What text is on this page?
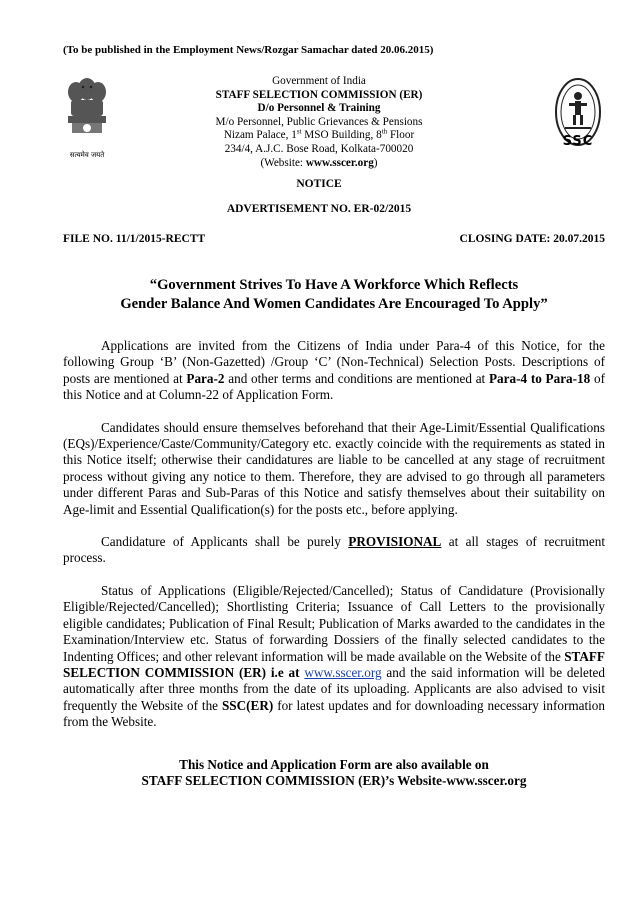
(To be published in the Employment News/Rozgar Samachar dated 20.06.2015)
सत्यमेव जयते
Government of India
STAFF SELECTION COMMISSION (ER)
D/o Personnel & Training
M/o Personnel, Public Grievances & Pensions
Nizam Palace, 1st MSO Building, 8th Floor
234/4, A.J.C. Bose Road, Kolkata-700020
(Website: www.sscer.org)
SSC
NOTICE
ADVERTISEMENT NO. ER-02/2015
FILE NO. 11/1/2015-RECTT	CLOSING DATE: 20.07.2015
“Government Strives To Have A Workforce Which Reflects
Gender Balance And Women Candidates Are Encouraged To Apply”

Applications are invited from the Citizens of India under Para-4 of this Notice, for the following Group ‘B’ (Non-Gazetted) /Group ‘C’ (Non-Technical) Selection Posts. Descriptions of posts are mentioned at Para-2 and other terms and conditions are mentioned at Para-4 to Para-18 of this Notice and at Column-22 of Application Form.

Candidates should ensure themselves beforehand that their Age-Limit/Essential Qualifications (EQs)/Experience/Caste/Community/Category etc. exactly coincide with the requirements as stated in this Notice itself; otherwise their candidatures are liable to be cancelled at any stage of recruitment process without giving any notice to them. Therefore, they are advised to go through all parameters under different Paras and Sub-Paras of this Notice and satisfy themselves about their suitability on Age-limit and Essential Qualification(s) for the posts etc., before applying.

Candidature of Applicants shall be purely PROVISIONAL at all stages of recruitment process.

Status of Applications (Eligible/Rejected/Cancelled); Status of Candidature (Provisionally Eligible/Rejected/Cancelled); Shortlisting Criteria; Issuance of Call Letters to the provisionally eligible candidates; Publication of Final Result; Publication of Marks awarded to the candidates in the Examination/Interview etc. Status of forwarding Dossiers of the finally selected candidates to the Indenting Offices; and other relevant information will be made available on the Website of the STAFF SELECTION COMMISSION (ER) i.e at www.sscer.org and the said information will be deleted automatically after three months from the date of its uploading. Applicants are also advised to visit frequently the Website of the SSC(ER) for latest updates and for downloading necessary information from the Website.

This Notice and Application Form are also available on
STAFF SELECTION COMMISSION (ER)’s Website-www.sscer.org
